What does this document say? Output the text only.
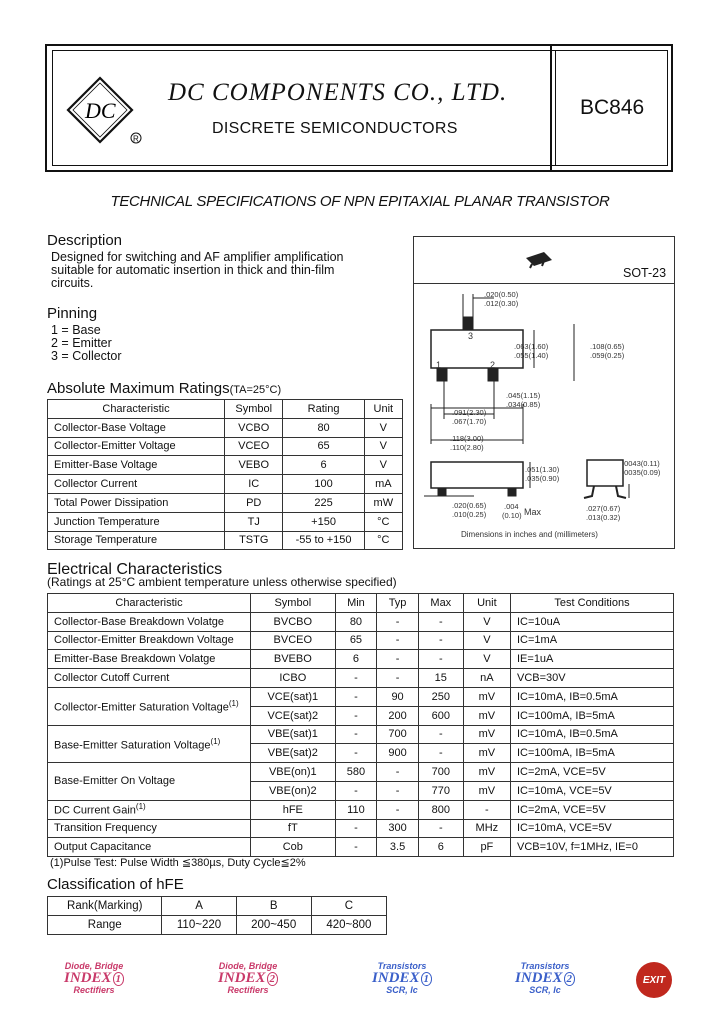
DC
R
DC COMPONENTS CO., LTD.
DISCRETE SEMICONDUCTORS
BC846
TECHNICAL SPECIFICATIONS OF NPN EPITAXIAL PLANAR TRANSISTOR
Description
Designed for switching and AF amplifier amplification
suitable for automatic insertion in thick and thin-film
circuits.
Pinning
1 = Base
2 = Emitter
3 = Collector
SOT-23
.020(0.50)
.012(0.30)
.063(1.60)
.055(1.40)
.108(0.65)
.059(0.25)
.045(1.15)
.034(0.85)
.091(2.30)
.067(1.70)
.118(3.00)
.110(2.80)
.051(1.30)
.035(0.90)
.0043(0.11)
.0035(0.09)
.020(0.65)
.010(0.25)
.004
(0.10) Max	.027(0.67)
.013(0.32)
1	2
3
Dimensions in inches and (millimeters)
Absolute Maximum Ratings(TA=25°C)
Characteristic	Symbol	Rating	Unit
Collector-Base Voltage	VCBO	80	V
Collector-Emitter Voltage	VCEO	65	V
Emitter-Base Voltage	VEBO	6	V
Collector Current	IC	100	mA
Total Power Dissipation	PD	225	mW
Junction Temperature	TJ	+150	°C
Storage Temperature	TSTG	-55 to +150	°C
Electrical Characteristics
(Ratings at 25°C ambient temperature unless otherwise specified)
Characteristic	Symbol	Min	Typ	Max	Unit	Test Conditions
Collector-Base Breakdown Volatge	BVCBO	80	-	-	V	IC=10uA
Collector-Emitter Breakdown Voltage	BVCEO	65	-	-	V	IC=1mA
Emitter-Base Breakdown Volatge	BVEBO	6	-	-	V	IE=1uA
Collector Cutoff Current	ICBO	-	-	15	nA	VCB=30V
Collector-Emitter Saturation Voltage$^{(1)}$	VCE(sat)1	-	90	250	mV	IC=10mA, IB=0.5mA
	VCE(sat)2	-	200	600	mV	IC=100mA, IB=5mA
Base-Emitter Saturation Voltage$^{(1)}$	VBE(sat)1	-	700	-	mV	IC=10mA, IB=0.5mA
	VBE(sat)2	-	900	-	mV	IC=100mA, IB=5mA
Base-Emitter On Voltage	VBE(on)1	580	-	700	mV	IC=2mA, VCE=5V
	VBE(on)2	-	-	770	mV	IC=10mA, VCE=5V
DC Current Gain$^{(1)}$	hFE	110	-	800	-	IC=2mA, VCE=5V
Transition Frequency	fT	-	300	-	MHz	IC=10mA, VCE=5V
Output Capacitance	Cob	-	3.5	6	pF	VCB=10V, f=1MHz, IE=0
(1)Pulse Test: Pulse Width ≦380µs, Duty Cycle≦2%
Classification of hFE
Rank(Marking)	A	B	C
Range	110~220	200~450	420~800
Diode, Bridge
INDEX 1
Rectifiers
Diode, Bridge
INDEX 2
Rectifiers
Transistors
INDEX 1
SCR, Ic
Transistors
INDEX 2
SCR, Ic
EXIT
